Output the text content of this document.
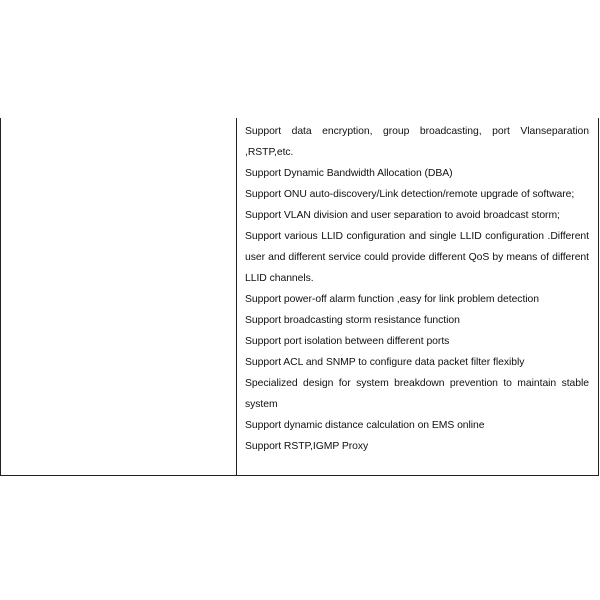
Support data encryption, group broadcasting, port Vlanseparation ,RSTP,etc.
Support Dynamic Bandwidth Allocation (DBA)
Support ONU auto-discovery/Link detection/remote upgrade of software;
Support VLAN division and user separation to avoid broadcast storm;
Support various LLID configuration and single LLID configuration .Different user and different service could provide different QoS by means of different LLID channels.
Support power-off alarm function ,easy for link problem detection
Support broadcasting storm resistance function
Support port isolation between different ports
Support ACL and SNMP to configure data packet filter flexibly
Specialized design for system breakdown prevention to maintain stable system
Support dynamic distance calculation on EMS online
Support RSTP,IGMP Proxy
